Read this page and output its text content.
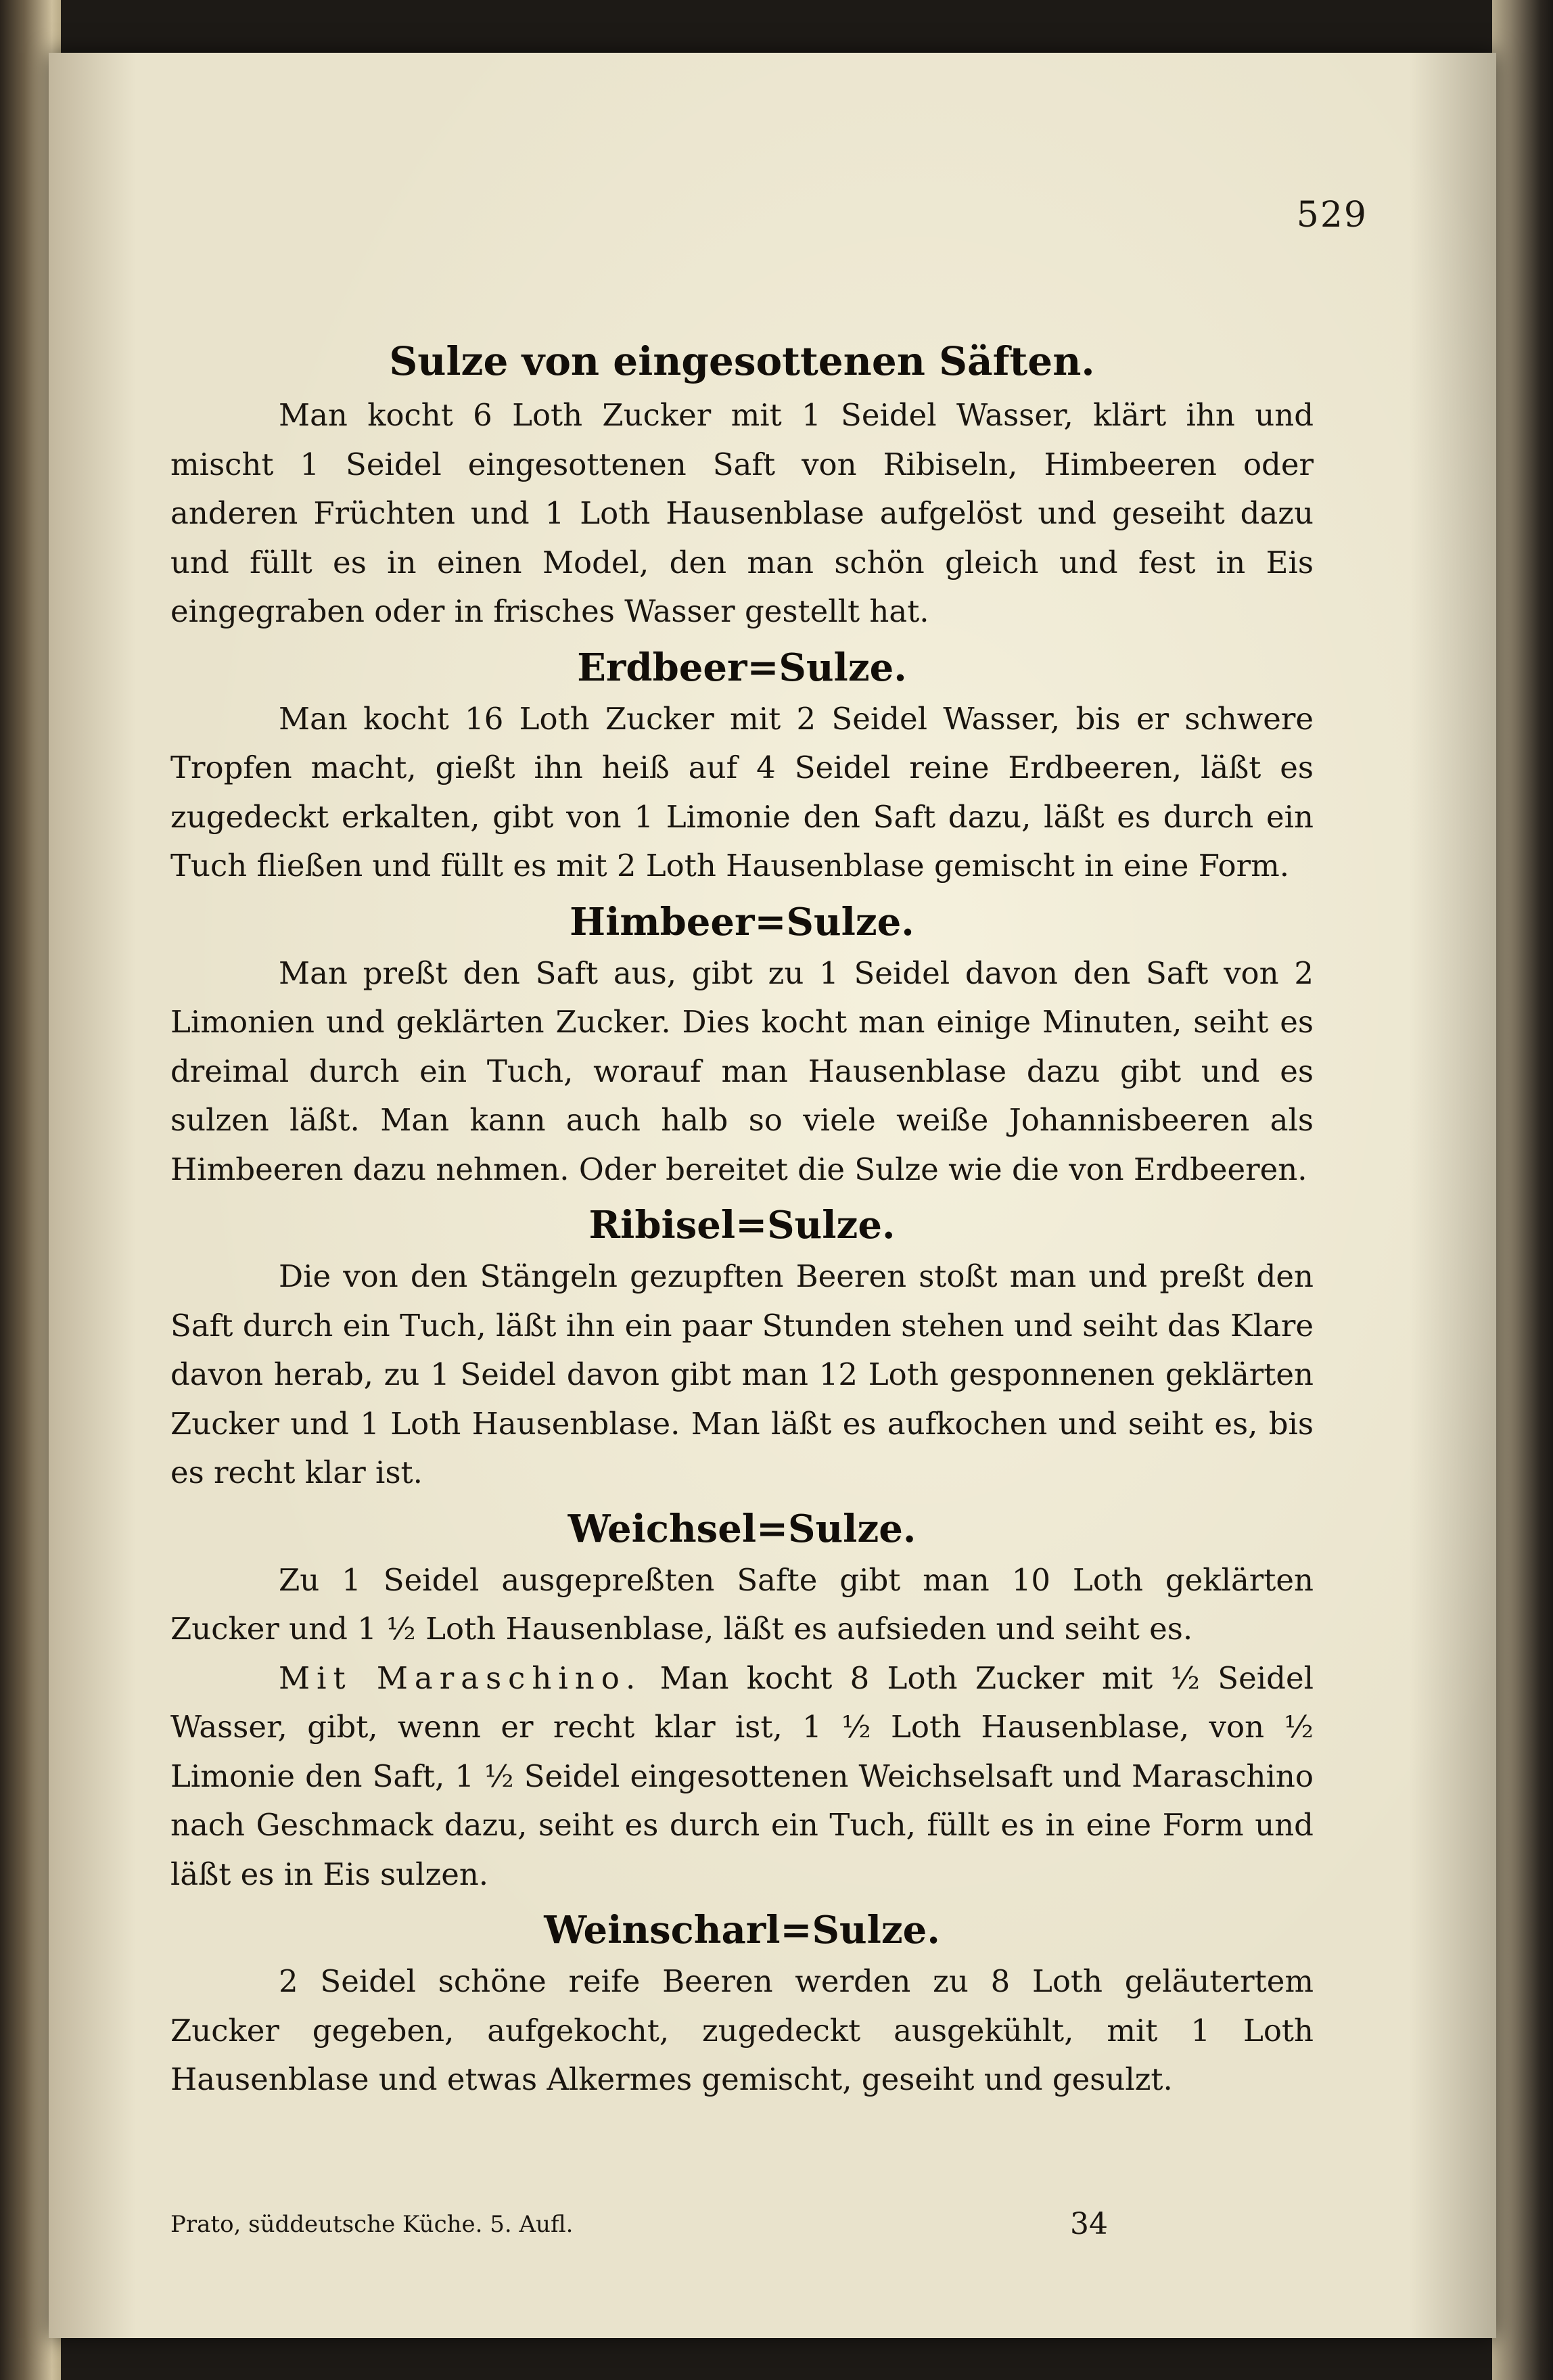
529
Sulze von eingesottenen Säften.

Man kocht 6 Loth Zucker mit 1 Seidel Wasser, klärt ihn und mischt 1 Seidel eingesottenen Saft von Ribiseln, Himbeeren oder anderen Früchten und 1 Loth Hausenblase aufgelöst und geseiht dazu und füllt es in einen Model, den man schön gleich und fest in Eis eingegraben oder in frisches Wasser gestellt hat.

Erdbeer=Sulze.

Man kocht 16 Loth Zucker mit 2 Seidel Wasser, bis er schwere Tropfen macht, gießt ihn heiß auf 4 Seidel reine Erdbeeren, läßt es zugedeckt erkalten, gibt von 1 Limonie den Saft dazu, läßt es durch ein Tuch fließen und füllt es mit 2 Loth Hausenblase gemischt in eine Form.

Himbeer=Sulze.

Man preßt den Saft aus, gibt zu 1 Seidel davon den Saft von 2 Limonien und geklärten Zucker. Dies kocht man einige Minuten, seiht es dreimal durch ein Tuch, worauf man Hausenblase dazu gibt und es sulzen läßt. Man kann auch halb so viele weiße Johannisbeeren als Himbeeren dazu nehmen. Oder bereitet die Sulze wie die von Erdbeeren.

Ribisel=Sulze.

Die von den Stängeln gezupften Beeren stoßt man und preßt den Saft durch ein Tuch, läßt ihn ein paar Stunden stehen und seiht das Klare davon herab, zu 1 Seidel davon gibt man 12 Loth gesponnenen geklärten Zucker und 1 Loth Hausenblase. Man läßt es aufkochen und seiht es, bis es recht klar ist.

Weichsel=Sulze.

Zu 1 Seidel ausgepreßten Safte gibt man 10 Loth geklärten Zucker und 1 ½ Loth Hausenblase, läßt es aufsieden und seiht es.

Mit Maraschino. Man kocht 8 Loth Zucker mit ½ Seidel Wasser, gibt, wenn er recht klar ist, 1 ½ Loth Hausenblase, von ½ Limonie den Saft, 1 ½ Seidel eingesottenen Weichselsaft und Maraschino nach Geschmack dazu, seiht es durch ein Tuch, füllt es in eine Form und läßt es in Eis sulzen.

Weinscharl=Sulze.

2 Seidel schöne reife Beeren werden zu 8 Loth geläutertem Zucker gegeben, aufgekocht, zugedeckt ausgekühlt, mit 1 Loth Hausenblase und etwas Alkermes gemischt, geseiht und gesulzt.

Prato, süddeutsche Küche. 5. Aufl.	34
